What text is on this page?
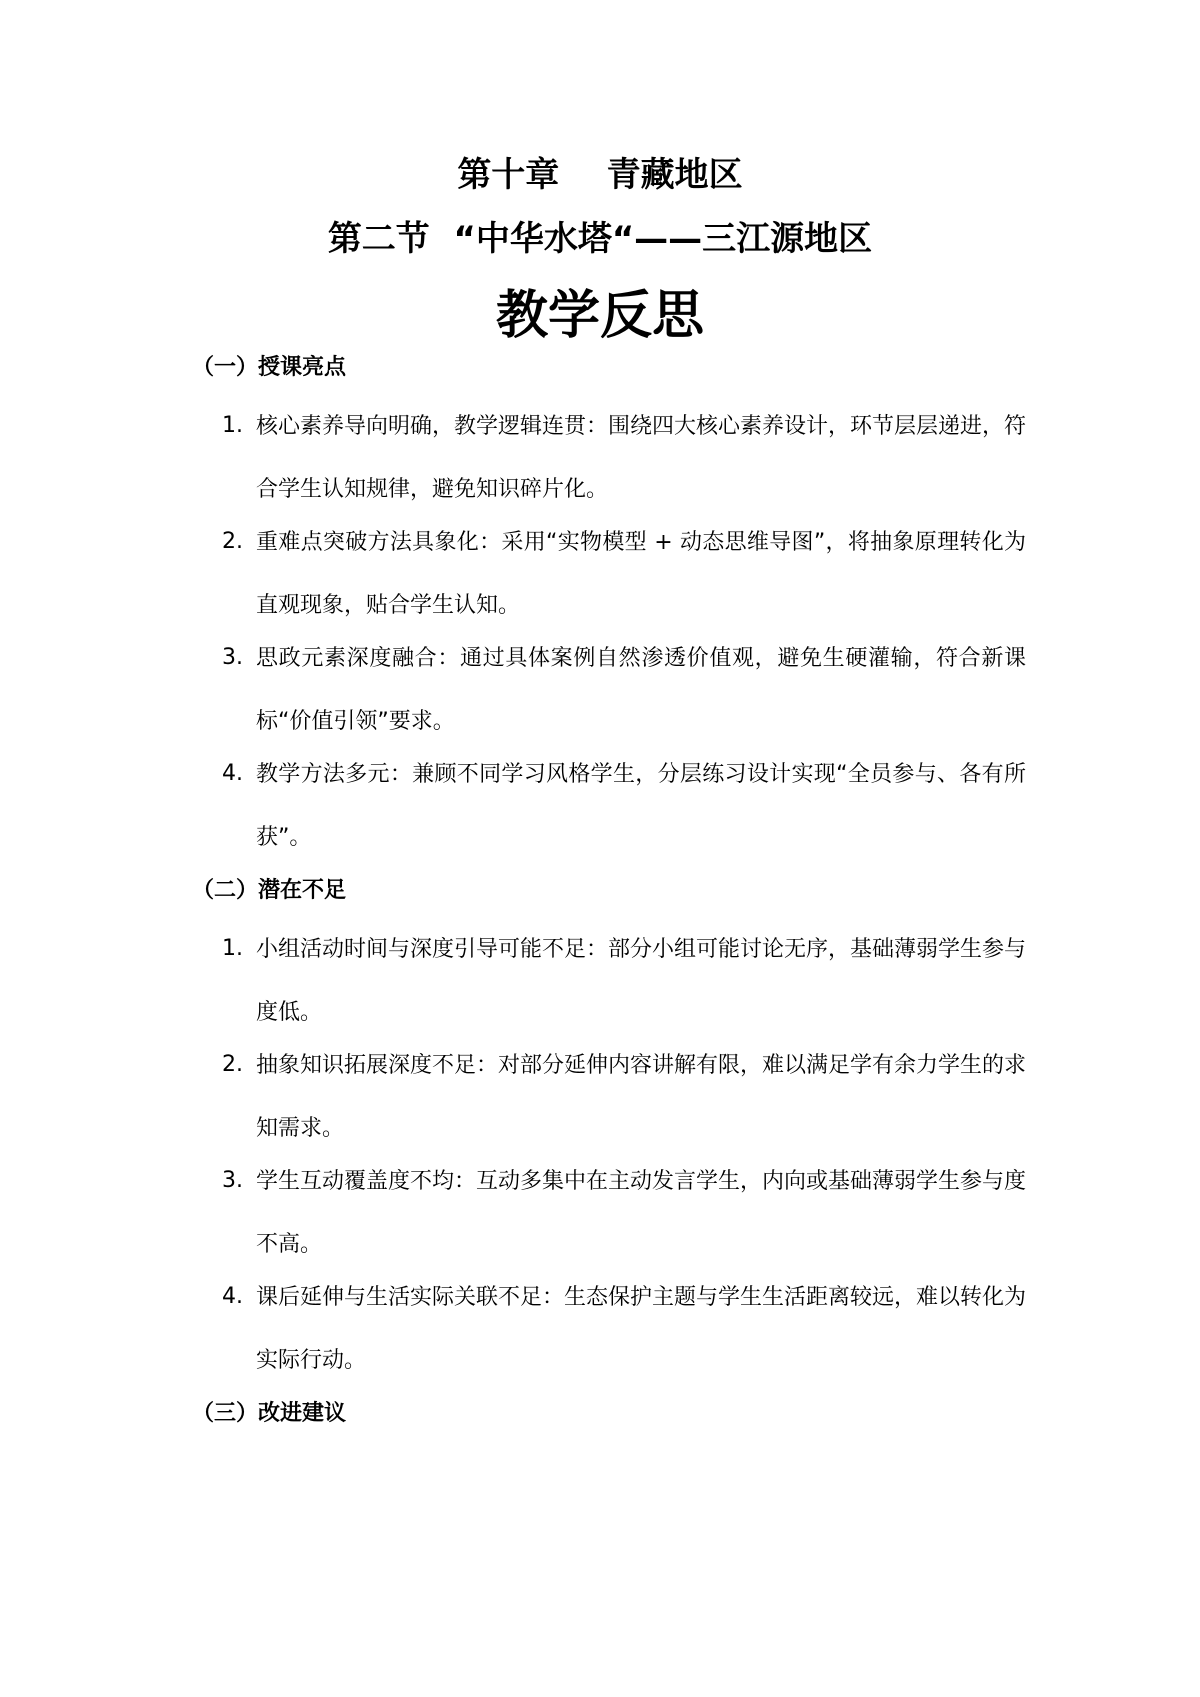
第十章    青藏地区
第二节  “中华水塔“——三江源地区
教学反思
（一）授课亮点
1. 核心素养导向明确，教学逻辑连贯：围绕四大核心素养设计，环节层层递进，符合学生认知规律，避免知识碎片化。
2. 重难点突破方法具象化：采用“实物模型 + 动态思维导图”，将抽象原理转化为直观现象，贴合学生认知。
3. 思政元素深度融合：通过具体案例自然渗透价值观，避免生硬灌输，符合新课标“价值引领”要求。
4. 教学方法多元：兼顾不同学习风格学生，分层练习设计实现“全员参与、各有所获”。
（二）潜在不足
1. 小组活动时间与深度引导可能不足：部分小组可能讨论无序，基础薄弱学生参与度低。
2. 抽象知识拓展深度不足：对部分延伸内容讲解有限，难以满足学有余力学生的求知需求。
3. 学生互动覆盖度不均：互动多集中在主动发言学生，内向或基础薄弱学生参与度不高。
4. 课后延伸与生活实际关联不足：生态保护主题与学生生活距离较远，难以转化为实际行动。
（三）改进建议
